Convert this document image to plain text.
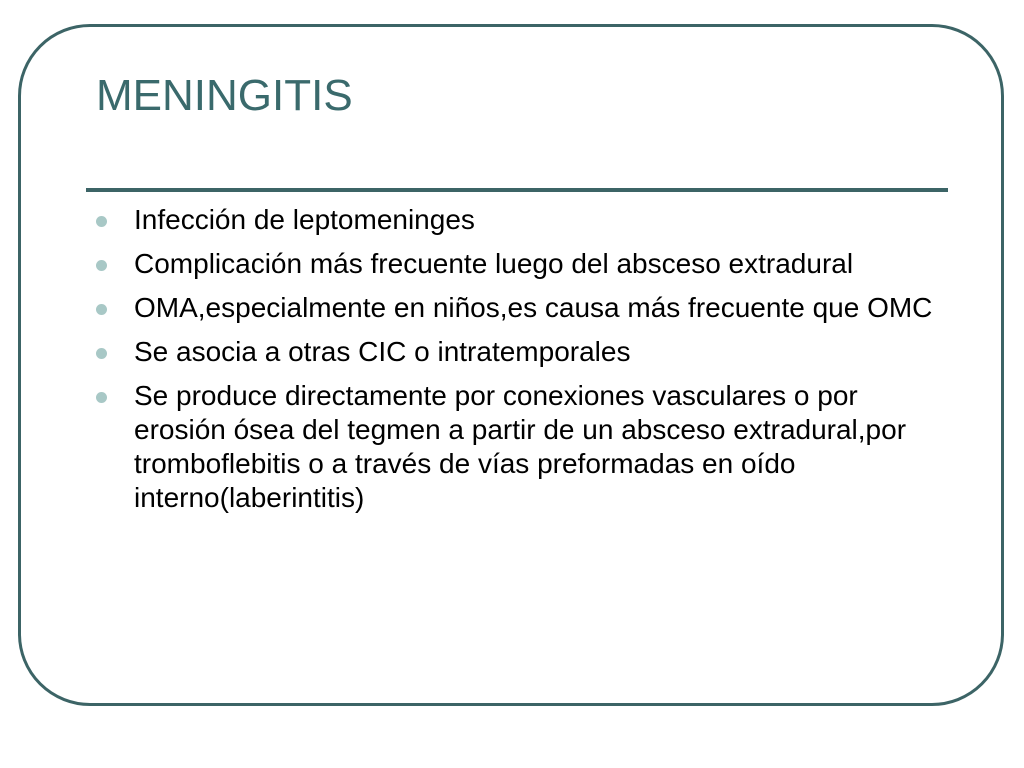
MENINGITIS
Infección de leptomeninges
Complicación más frecuente luego del absceso extradural
OMA,especialmente en niños,es causa más frecuente que OMC
Se asocia a otras CIC o intratemporales
Se produce directamente por conexiones vasculares o por erosión ósea del tegmen a partir de un absceso extradural,por tromboflebitis o a través de vías preformadas en oído interno(laberintitis)
